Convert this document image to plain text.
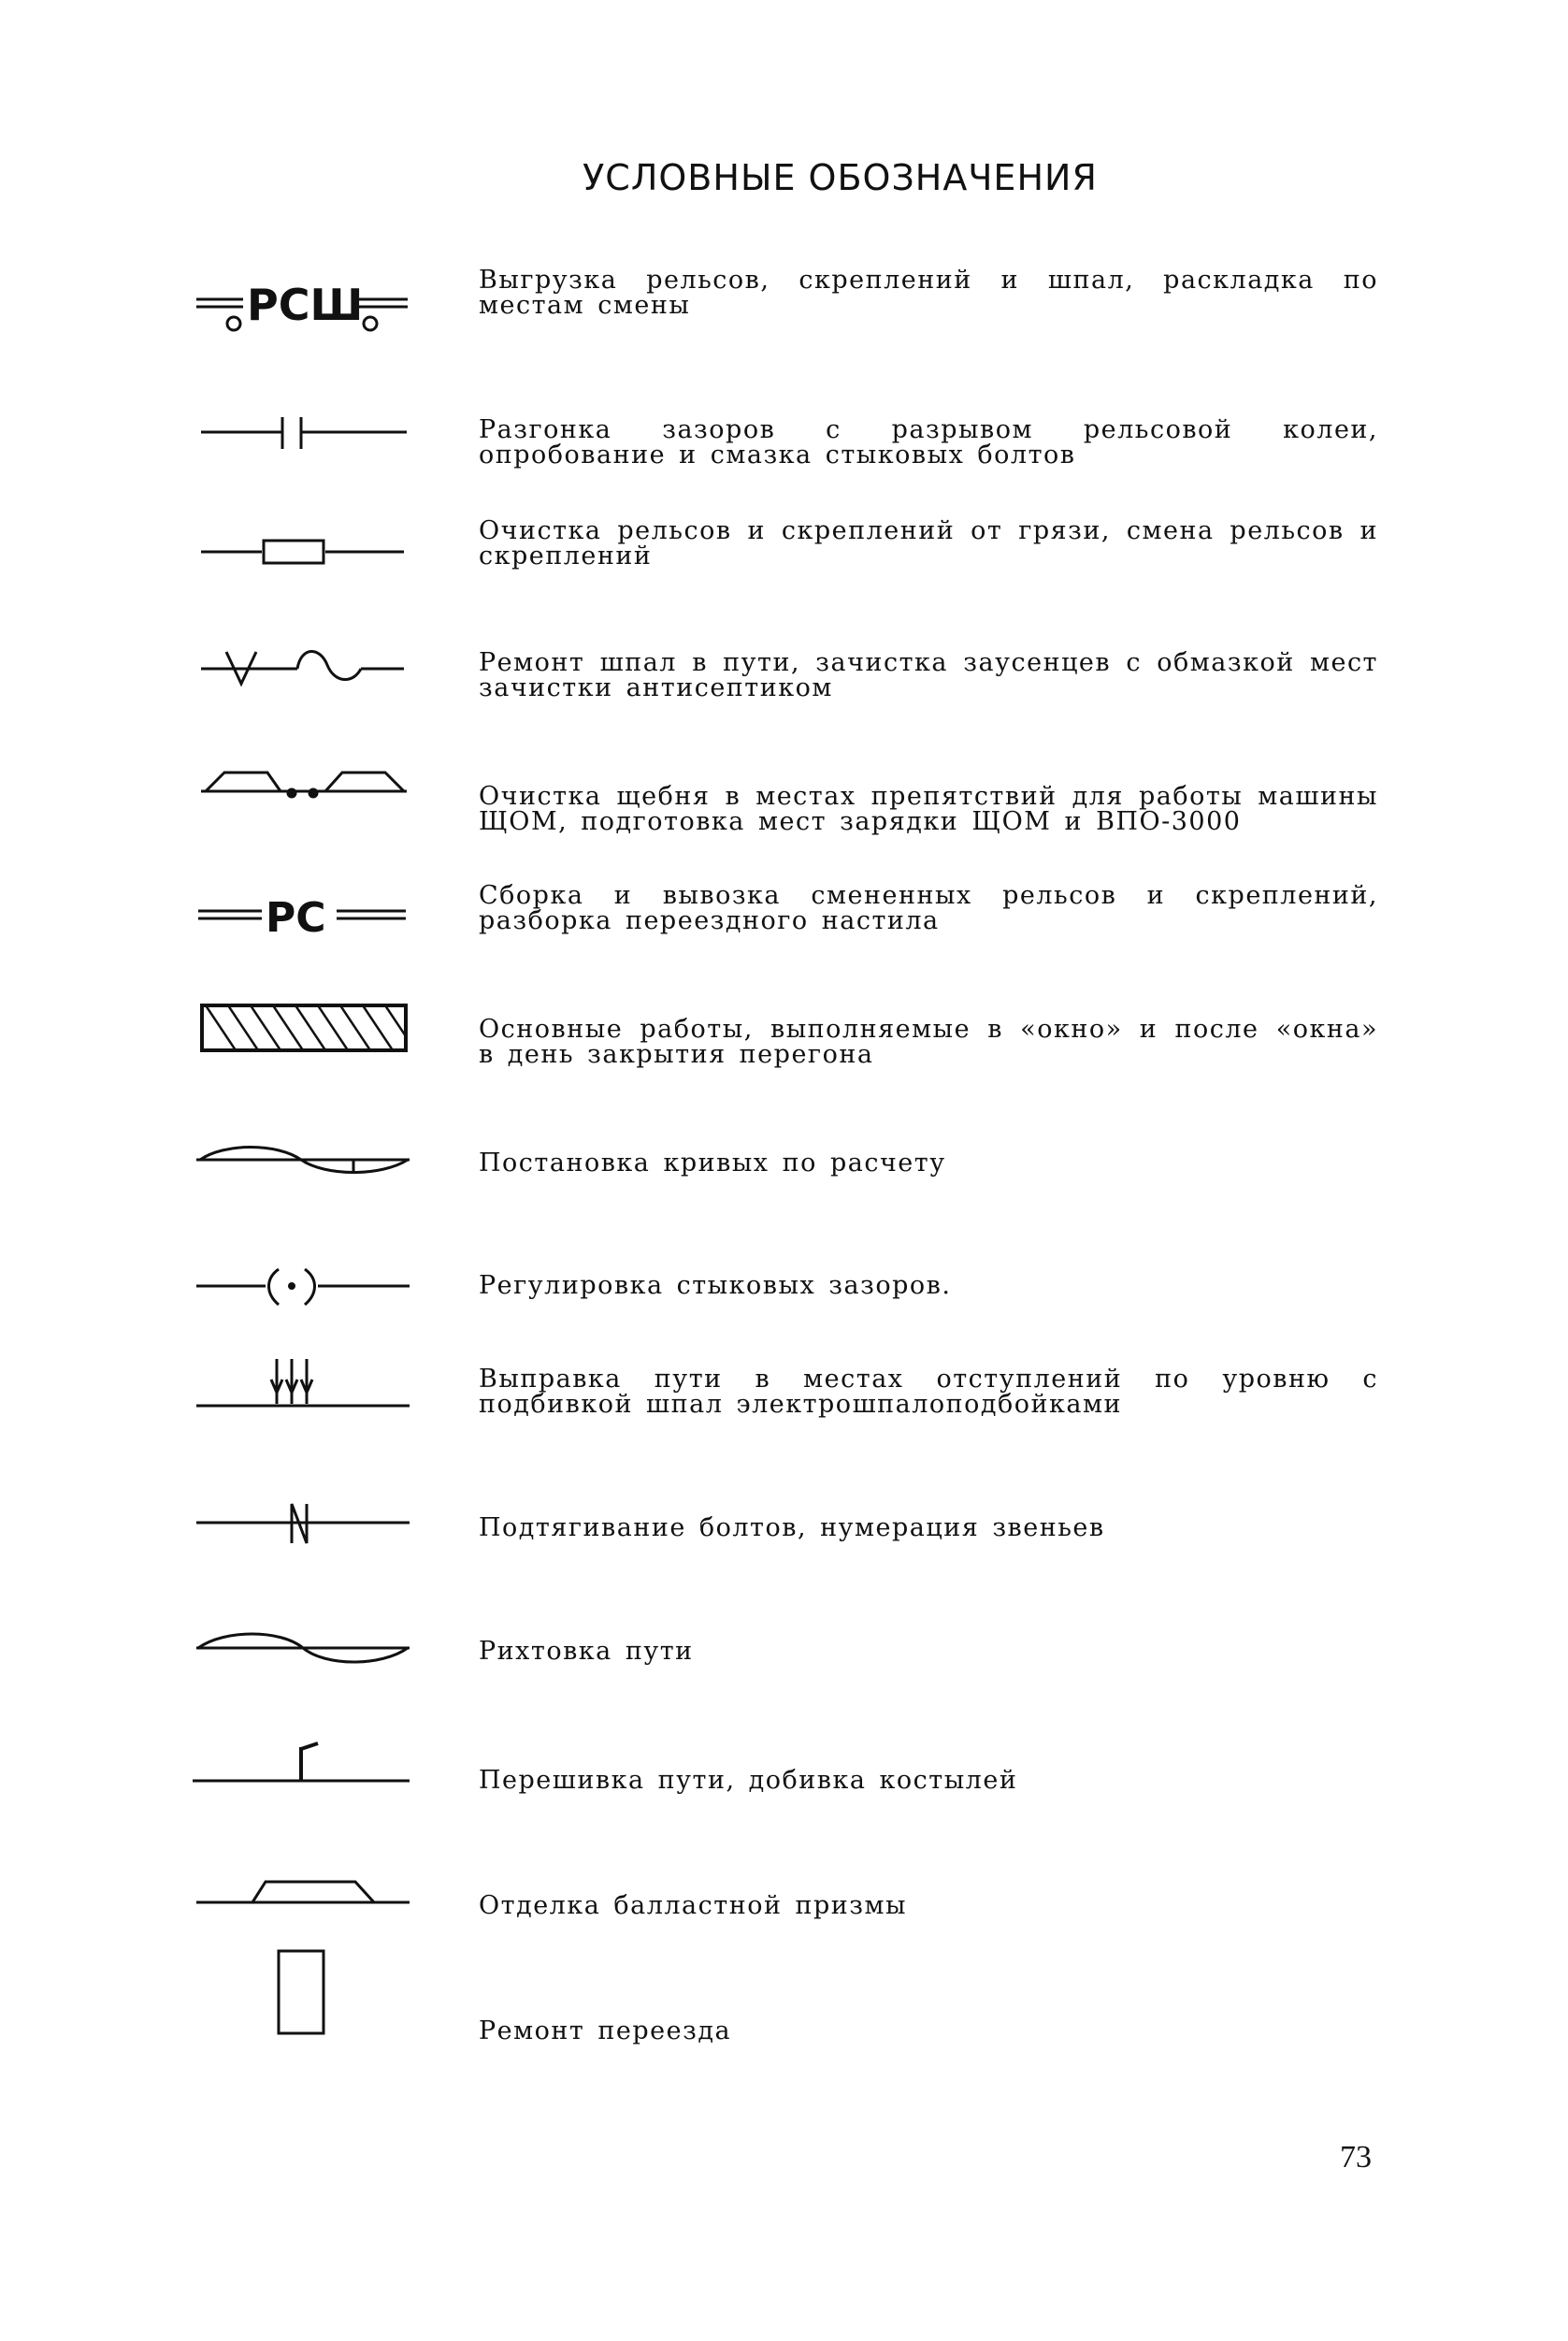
УСЛОВНЫЕ ОБОЗНАЧЕНИЯ
РСШ	Выгрузка рельсов, скреплений и шпал, раскладка по местам смены
Разгонка зазоров с разрывом рельсовой колеи, опробование и смазка стыковых болтов
Очистка рельсов и скреплений от грязи, смена рельсов и скреплений
Ремонт шпал в пути, зачистка заусенцев с обмазкой мест зачистки антисептиком
Очистка щебня в местах препятствий для работы машины ЩОМ, подготовка мест зарядки ЩОМ и ВПО-3000
РС	Сборка и вывозка смененных рельсов и скреплений, разборка переездного настила
Основные работы, выполняемые в «окно» и после «окна» в день закрытия перегона
Постановка кривых по расчету
Регулировка стыковых зазоров.
Выправка пути в местах отступлений по уровню с подбивкой шпал электрошпалоподбойками
Подтягивание болтов, нумерация звеньев
Рихтовка пути
Перешивка пути, добивка костылей
Отделка балластной призмы
Ремонт переезда
73
